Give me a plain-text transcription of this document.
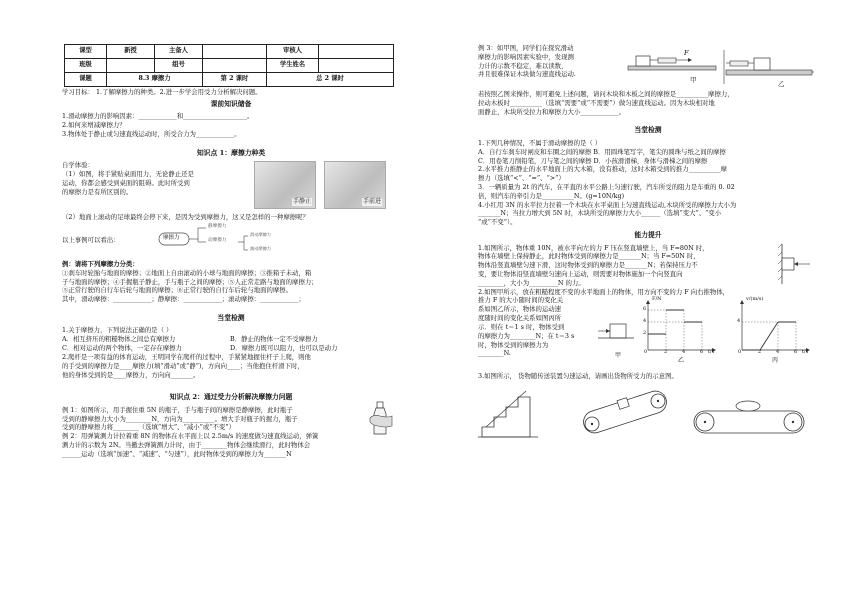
课型	新授	主备人		审核人	
班级		组号		学生姓名	
课题	8.3 摩擦力		第 2 课时	总 2 课时	
学习目标： 1.了解摩擦力的种类。2.进一步学会用受力分析解决问题。
课前知识储备
1.滑动摩擦力的影响因素：____________和____________________。
2.如何来增减摩擦力？
3.物体处于静止或匀速直线运动时，所受合力为____________。
知识点 1：摩擦力种类
自学体验：
（1）如图，将手紧贴桌面用力，无论静止还是
运动，你都会感受到桌面的阻碍。此时所受到
的摩擦力是有所区别的。
手静止	手前进
（2）地面上滚动的足球最终会停下来，是因为受到摩擦力，这又是怎样的一种摩擦呢？
以上事例可以看出：	摩擦力
静摩擦力
动摩擦力
滑动摩擦力
滚动摩擦力
例：请将下列摩擦力分类：
①刹车时轮胎与地面的摩擦；②地面上自由滚动的小球与地面的摩擦；③推箱子未动，箱
子与地面的摩擦；④手握瓶子静止，手与瓶子之间的摩擦；⑤人正常走路与地面的摩擦力；
⑤正常行驶的自行车后轮与地面的摩擦；⑥正常行驶的自行车后轮与地面的摩擦。
其中，滑动摩擦：____________；静摩擦：____________；滚动摩擦：____________；
当堂检测
1.关于摩擦力，下列说法正确的是（ ）
A．相互挤压的粗糙物体之间总有摩擦力	B．静止的物体一定不受摩擦力
C．相对运动的两个物体，一定存在摩擦力	D．摩擦力既可以阻力，也可以是动力
2.爬杆是一项有益的体育运动，王明同学在爬杆的过程中，手紧紧地握住杆子上爬，则他
的手受到的摩擦力是____摩擦力(填“滑动”或“静”)，方向向____；当他抱住杆滑下时，
他的身体受到的是____摩擦力，方向向_______。
知识点 2：通过受力分析解决摩擦力问题
例 1：如图所示，用手握住重 5N 的瓶子，手与瓶子间的摩擦是静摩擦，此时瓶子
受到的静摩擦力大小为________N，方向为__________。增大手对瓶子的握力，瓶子
受到的静摩擦力将________（选填“增大”、“减小”或“不变”）
例 2：用弹簧测力计拉着重 8N 的物体在水平面上以 2.5m/s 的速度做匀速直线运动，弹簧
测力计的示数为 2N。当撤去弹簧测力计时，由于________物体会继续滑行，此时物体会
______运动（选填“加速”、“减速”、“匀速”），此时物体受到的摩擦力为_______N
例 3：如甲图，同学们在探究滑动
摩擦力的影响因素实验中，发现测
力计的示数不稳定，难以读数，
并且很难保证木块做匀速直线运动.
甲
F
乙
若按照乙图来操作，则可避免上述问题，请问木块和木板之间的摩擦是__________摩擦力，
拉动木板时__________（选填“需要”或“不需要”）做匀速直线运动。因为木块相对地
面静止，木块所受拉力和摩擦力大小____________。
当堂检测
1.下列几种情况，不属于滑动摩擦的是（ ）
A．自行车刹车时闸皮和车圈之间的摩擦 B．用圆珠笔写字，笔尖的圆珠与纸之间的摩擦
C．用卷笔刀削铅笔，刀与笔之间的摩擦 D．小孩滑滑梯，身体与滑梯之间的摩擦
2.水平推力推静止的水平地面上的大木箱，没有推动，这时木箱受到的推力__________摩
擦力（选填“<”、“=”、“>”）
3．一辆质量为 2t 的汽车，在平直的水平公路上匀速行驶，汽车所受的阻力是车重的 0. 02
倍，则汽车的牵引力是__________N。(g=10N/kg)
4.小红用 3N 的水平拉力拉着一个木块在水平桌面上匀速直线运动,木块所受的摩擦力大小为
_______N；当拉力增大到 5N 时，木块所受的摩擦力大小______（选填“变大”、“变小
”或“不变”）。
能力提升
1.如图所示，物体重 10N，被水平向左的力 F 压在竖直墙壁上，当 F=80N 时，
物体在墙壁上保持静止，此时物体受到的摩擦力是_______N；当 F=50N 时，
物体沿竖直墙壁匀速下滑，这时物体受到的摩擦力是_______N；若保持压力不
变，要让物体沿竖直墙壁匀速向上运动，则需要对物体施加一个向竖直向
________，大小为_________N 的力。
2.如图甲所示，放在粗糙程度不变的水平地面上的物体，用方向不变的力 F 向右推物体，
推力 F 的大小随时间的变化关
系如图乙所示，物体的运动速
度随时间的变化关系如图丙所
示．则在 t＝1 s 时，物体受到
的摩擦力为________N；在 t＝3 s
时，物体受到的摩擦力为
________N.	甲
F/N
6
4
2
0	2	4	6 t/s
乙
v/(m/s)
4
0	2	4	6 t/s
丙
3.如图所示， 货物随传送装置匀速运动，请画出货物所受力的示意图。
